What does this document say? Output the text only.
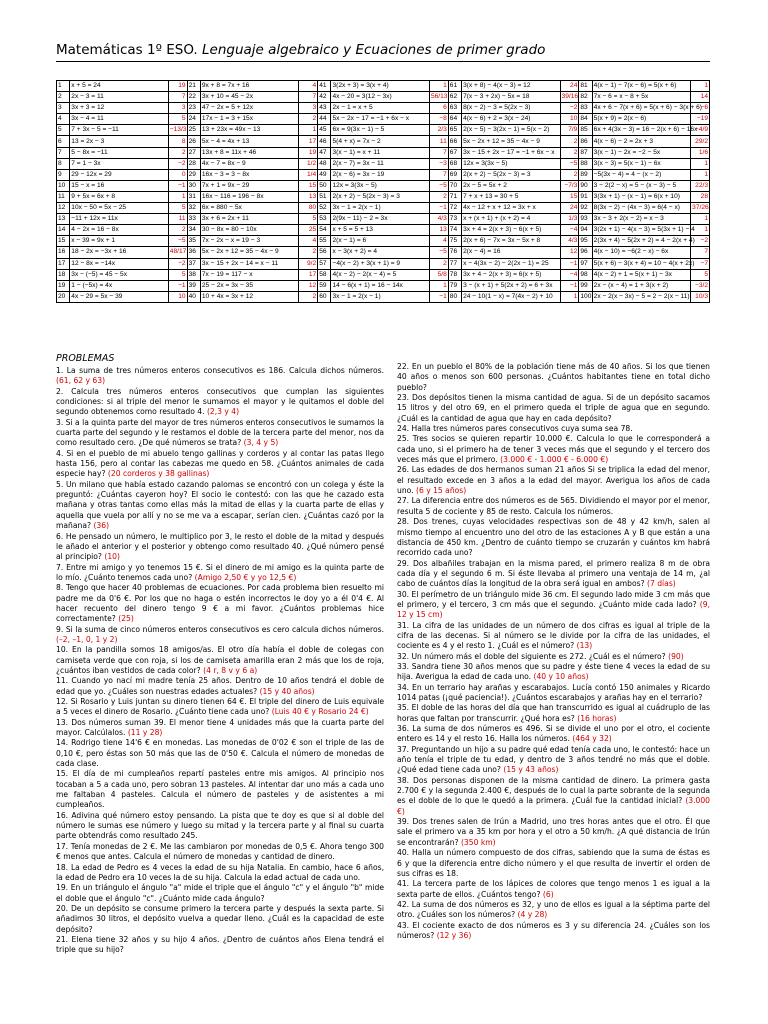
Matemáticas 1º ESO. Lenguaje algebraico y Ecuaciones de primer grado
1	x + 5 = 24	19	21	9x + 8 = 7x + 16	4	41	3(2x + 3) = 3(x + 4)	1	61	3(x + 8) − 4(x − 3) = 12	24	81	4(x − 1) − 7(x − 6) = 5(x + 6)	1
2	2x − 3 = 11	7	22	3x + 10 = 45 − 2x	7	42	4x − 20 = 3(12 − 3x)	56/13	62	7(x − 3 + 2x) − 5x = 18	39/16	82	7x − 6 = x − 8 + 5x	14
3	3x + 3 = 12	3	23	47 − 2x = 5 + 12x	3	43	2x − 1 = x + 5	6	63	8(x − 2) − 3 = 5(2x − 3)	−2	83	4x + 6 − 7(x + 6) = 5(x + 6) − 3(x + 6)	−6
4	3x − 4 = 11	5	24	17x − 1 = 3 + 15x	2	44	5x − 2x − 17 = −1 + 6x − x	−8	64	4(x − 6) + 2 = 3(x − 24)	10	84	5(x + 9) = 2(x − 6)	−19
5	7 + 3x − 5 = −11	−13/3	25	13 + 23x = 49x − 13	1	45	6x = 9(3x − 1) − 5	2/3	65	2(x − 5) − 3(2x − 1) = 5(x − 2)	7/9	85	6x + 4(3x − 3) = 16 − 2(x + 6) − 16x	−4/9
6	13 = 2x − 3	8	26	5x − 4 = 4x + 13	17	46	5(4 + x) = 7x − 2	11	66	5x − 2x + 12 = 35 − 4x − 9	2	86	4(x − 6) − 2 = 2x + 3	29/2
7	5 − 8x = −11	2	27	13x + 8 = 11x + 46	19	47	3(x − 1) = x + 11	7	67	3x − 15 + 2x − 17 = −1 + 6x − x	2	87	3(x − 1) − 2x = −2 − 5x	1/6
8	7 = 1 − 3x	−2	28	4x − 7 = 8x − 9	1/2	48	2(x − 7) = 3x − 11	−3	68	12x = 3(3x − 5)	−5	88	3(x − 3) = 5(x − 1) − 6x	1
9	29 − 12x = 29	0	29	16x − 3 = 3 − 8x	1/4	49	2(x − 6) = 3x − 19	7	69	2(x + 2) − 5(2x − 3) = 3	2	89	−5(3x − 4) = 4 − (x − 2)	1
10	15 − x = 16	−1	30	7x + 1 = 9x − 29	15	50	12x = 3(3x − 5)	−5	70	2x − 5 = 5x + 2	−7/3	90	3 − 2(2 − x) = 5 − (x − 3) − 5	22/3
11	9 + 5x = 6x + 8	1	31	16x − 116 = 196 − 8x	13	51	2(x + 2) − 5(2x − 3) = 3	2	71	7 + x + 13 = 30 + 5	15	91	3(3x + 1) − (x − 1) = 6(x + 10)	28
12	10x − 50 = 5x − 25	5	32	6x = 880 − 5x	80	52	3x − 1 = 2(x − 1)	−1	72	4x − 12 + x + 12 = 3x + x	24	92	8(3x − 2) − (4x − 3) = 6(4 − x)	37/26
13	−11 + 12x = 11x	11	33	3x + 6 = 2x + 11	5	53	2(9x − 11) − 2 = 3x	4/3	73	x + (x + 1) + (x + 2) = 4	1/3	93	3x − 3 + 2(x − 2) = x − 3	1
14	4 − 2x = 16 − 8x	2	34	30 − 8x = 80 − 10x	25	54	x + 5 = 5 + 13	13	74	3x + 4 = 2(x + 3) − 6(x + 5)	−4	94	3(2x + 1) − 4(x − 3) = 5(3x + 1) − 4	1
15	x − 39 = 9x + 1	−5	35	7x − 2x − x = 19 − 3	4	55	2(x − 1) = 6	4	75	2(x + 6) − 7x = 3x − 5x + 8	4/3	95	2(3x + 4) − 5(2x + 2) = 4 − 2(x + 4)	−2
16	18 − 2x = −3x + 16	48/17	36	5x − 2x + 12 = 35 − 4x − 9	2	56	x − 3(x + 2) = 4	−5	76	2(x − 4) = 16	12	96	4(x − 10) = −6(2 − x) − 6x	7
17	12 − 8x = −14x	−2	37	3x − 15 + 2x − 14 = x − 11	9/2	57	−4(x − 2) + 3(x + 1) = 9	2	77	x − 4(3x − 2) − 2(2x − 1) = 25	−1	97	5(x + 6) − 3(x + 4) = 10 − 4(x + 2x)	−7
18	3x − (−5) = 45 − 5x	5	38	7x − 19 = 117 − x	17	58	4(x − 2) − 2(x − 4) = 5	5/8	78	3x + 4 − 2(x + 3) = 6(x + 5)	−4	98	4(x − 2) + 1 = 5(x + 1) − 3x	5
19	1 − (−5x) = 4x	−1	39	25 − 2x = 3x − 35	12	59	14 − 6(x + 1) = 16 − 14x	1	79	3 − (x + 1) + 5(2x + 2) = 6 + 3x	−1	99	2x − (x − 4) = 1 + 3(x + 2)	−3/2
20	4x − 29 = 5x − 39	10	40	10 + 4x = 3x + 12	2	60	3x − 1 = 2(x − 1)	−1	80	24 − 10(1 − x) = 7(4x − 2) + 10	1	100	2x − 2(x − 3x) − 5 = 2 − 2(x − 11)	10/3
PROBLEMAS
1. La suma de tres números enteros consecutivos es 186. Calcula dichos números. (61, 62 y 63)
2. Calcula tres números enteros consecutivos que cumplan las siguientes condiciones: si al triple del menor le sumamos el mayor y le quitamos el doble del segundo obtenemos como resultado 4. (2,3 y 4)
3. Si a la quinta parte del mayor de tres números enteros consecutivos le sumamos la cuarta parte del segundo y le restamos el doble de la tercera parte del menor, nos da como resultado cero. ¿De qué números se trata? (3, 4 y 5)
4. Si en el pueblo de mi abuelo tengo gallinas y corderos y al contar las patas llego hasta 156, pero al contar las cabezas me quedo en 58. ¿Cuántos animales de cada especie hay? (20 corderos y 38 gallinas)
5. Un milano que había estado cazando palomas se encontró con un colega y éste la preguntó: ¿Cuántas cayeron hoy? El socio le contestó: con las que he cazado esta mañana y otras tantas como ellas más la mitad de ellas y la cuarta parte de ellas y aquella que vuela por allí y no se me va a escapar, serían cien. ¿Cuántas cazó por la mañana? (36)
6. He pensado un número, le multiplico por 3, le resto el doble de la mitad y después le añado el anterior y el posterior y obtengo como resultado 40. ¿Qué número pensé al principio? (10)
7. Entre mi amigo y yo tenemos 15 €. Si el dinero de mi amigo es la quinta parte de lo mío. ¿Cuánto tenemos cada uno? (Amigo 2,50 € y yo 12,5 €)
8. Tengo que hacer 40 problemas de ecuaciones. Por cada problema bien resuelto mi padre me da 0'6 €. Por los que no haga o estén incorrectos le doy yo a él 0'4 €. Al hacer recuento del dinero tengo 9 € a mi favor. ¿Cuántos problemas hice correctamente? (25)
9. Si la suma de cinco números enteros consecutivos es cero calcula dichos números. (–2, –1, 0, 1 y 2)
10. En la pandilla somos 18 amigos/as. El otro día había el doble de colegas con camiseta verde que con roja, si los de camiseta amarilla eran 2 más que los de roja, ¿cuántos iban vestidos de cada color? (4 r, 8 v y 6 a)
11. Cuando yo nací mi madre tenía 25 años. Dentro de 10 años tendrá el doble de edad que yo. ¿Cuáles son nuestras edades actuales? (15 y 40 años)
12. Si Rosario y Luis juntan su dinero tienen 64 €. El triple del dinero de Luis equivale a 5 veces el dinero de Rosario. ¿Cuánto tiene cada uno? (Luis 40 € y Rosario 24 €)
13. Dos números suman 39. El menor tiene 4 unidades más que la cuarta parte del mayor. Calcúlalos. (11 y 28)
14. Rodrigo tiene 14'6 € en monedas. Las monedas de 0'02 € son el triple de las de 0,10 €, pero éstas son 50 más que las de 0'50 €. Calcula el número de monedas de cada clase.
15. El día de mi cumpleaños repartí pasteles entre mis amigos. Al principio nos tocaban a 5 a cada uno, pero sobran 13 pasteles. Al intentar dar uno más a cada uno me faltaban 4 pasteles. Calcula el número de pasteles y de asistentes a mi cumpleaños.
16. Adivina qué número estoy pensando. La pista que te doy es que si al doble del número le sumas ese número y luego su mitad y la tercera parte y al final su cuarta parte obtendrás como resultado 245.
17. Tenía monedas de 2 €. Me las cambiaron por monedas de 0,5 €. Ahora tengo 300 € menos que antes. Calcula el número de monedas y cantidad de dinero.
18. La edad de Pedro es 4 veces la edad de su hija Natalia. En cambio, hace 6 años, la edad de Pedro era 10 veces la de su hija. Calcula la edad actual de cada uno.
19. En un triángulo el ángulo "a" mide el triple que el ángulo "c" y el ángulo "b" mide el doble que el ángulo "c". ¿Cuánto mide cada ángulo?
20. De un depósito se consume primero la tercera parte y después la sexta parte. Si añadimos 30 litros, el depósito vuelva a quedar lleno. ¿Cuál es la capacidad de este depósito?
21. Elena tiene 32 años y su hijo 4 años. ¿Dentro de cuántos años Elena tendrá el triple que su hijo?
22. En un pueblo el 80% de la población tiene más de 40 años. Si los que tienen 40 años o menos son 600 personas. ¿Cuántos habitantes tiene en total dicho pueblo?
23. Dos depósitos tienen la misma cantidad de agua. Si de un depósito sacamos 15 litros y del otro 69, en el primero queda el triple de agua que en segundo. ¿Cuál es la cantidad de agua que hay en cada depósito?
24. Halla tres números pares consecutivos cuya suma sea 78.
25. Tres socios se quieren repartir 10.000 €. Calcula lo que le corresponderá a cada uno, si el primero ha de tener 3 veces más que el segundo y el tercero dos veces más que el primero. (3.000 € - 1.000 € - 6.000 €)
26. Las edades de dos hermanos suman 21 años Si se triplica la edad del menor, el resultado excede en 3 años a la edad del mayor. Averigua los años de cada uno. (6 y 15 años)
27. La diferencia entre dos números es de 565. Dividiendo el mayor por el menor, resulta 5 de cociente y 85 de resto. Calcula los números.
28. Dos trenes, cuyas velocidades respectivas son de 48 y 42 km/h, salen al mismo tiempo al encuentro uno del otro de las estaciones A y B que están a una distancia de 450 km. ¿Dentro de cuánto tiempo se cruzarán y cuántos km habrá recorrido cada uno?
29. Dos albañiles trabajan en la misma pared, el primero realiza 8 m de obra cada día y el segundo 6 m. Si éste llevaba al primero una ventaja de 14 m, ¿al cabo de cuántos días la longitud de la obra será igual en ambos? (7 días)
30. El perímetro de un triángulo mide 36 cm. El segundo lado mide 3 cm más que el primero, y el tercero, 3 cm más que el segundo. ¿Cuánto mide cada lado? (9, 12 y 15 cm)
31. La cifra de las unidades de un número de dos cifras es igual al triple de la cifra de las decenas. Si al número se le divide por la cifra de las unidades, el cociente es 4 y el resto 1. ¿Cuál es el número? (13)
32. Un número más el doble del siguiente es 272. ¿Cuál es el número? (90)
33. Sandra tiene 30 años menos que su padre y éste tiene 4 veces la edad de su hija. Averigua la edad de cada uno. (40 y 10 años)
34. En un terrario hay arañas y escarabajos. Lucía contó 150 animales y Ricardo 1014 patas (¡qué paciencia!). ¿Cuántos escarabajos y arañas hay en el terrario?
35. El doble de las horas del día que han transcurrido es igual al cuádruplo de las horas que faltan por transcurrir. ¿Qué hora es? (16 horas)
36. La suma de dos números es 496. Si se divide el uno por el otro, el cociente entero es 14 y el resto 16. Halla los números. (464 y 32)
37. Preguntando un hijo a su padre qué edad tenía cada uno, le contestó: hace un año tenía el triple de tu edad, y dentro de 3 años tendré no más que el doble. ¿Qué edad tiene cada uno? (15 y 43 años)
38. Dos personas disponen de la misma cantidad de dinero. La primera gasta 2.700 € y la segunda 2.400 €, después de lo cual la parte sobrante de la segunda es el doble de lo que le quedó a la primera. ¿Cuál fue la cantidad inicial? (3.000 €)
39. Dos trenes salen de Irún a Madrid, uno tres horas antes que el otro. Él que sale el primero va a 35 km por hora y el otro a 50 km/h. ¿A qué distancia de Irún se encontrarán? (350 km)
40. Halla un número compuesto de dos cifras, sabiendo que la suma de éstas es 6 y que la diferencia entre dicho número y el que resulta de invertir el orden de sus cifras es 18.
41. La tercera parte de los lápices de colores que tengo menos 1 es igual a la sexta parte de ellos. ¿Cuántos tengo? (6)
42. La suma de dos números es 32, y uno de ellos es igual a la séptima parte del otro. ¿Cuáles son los números? (4 y 28)
43. El cociente exacto de dos números es 3 y su diferencia 24. ¿Cuáles son los números? (12 y 36)
